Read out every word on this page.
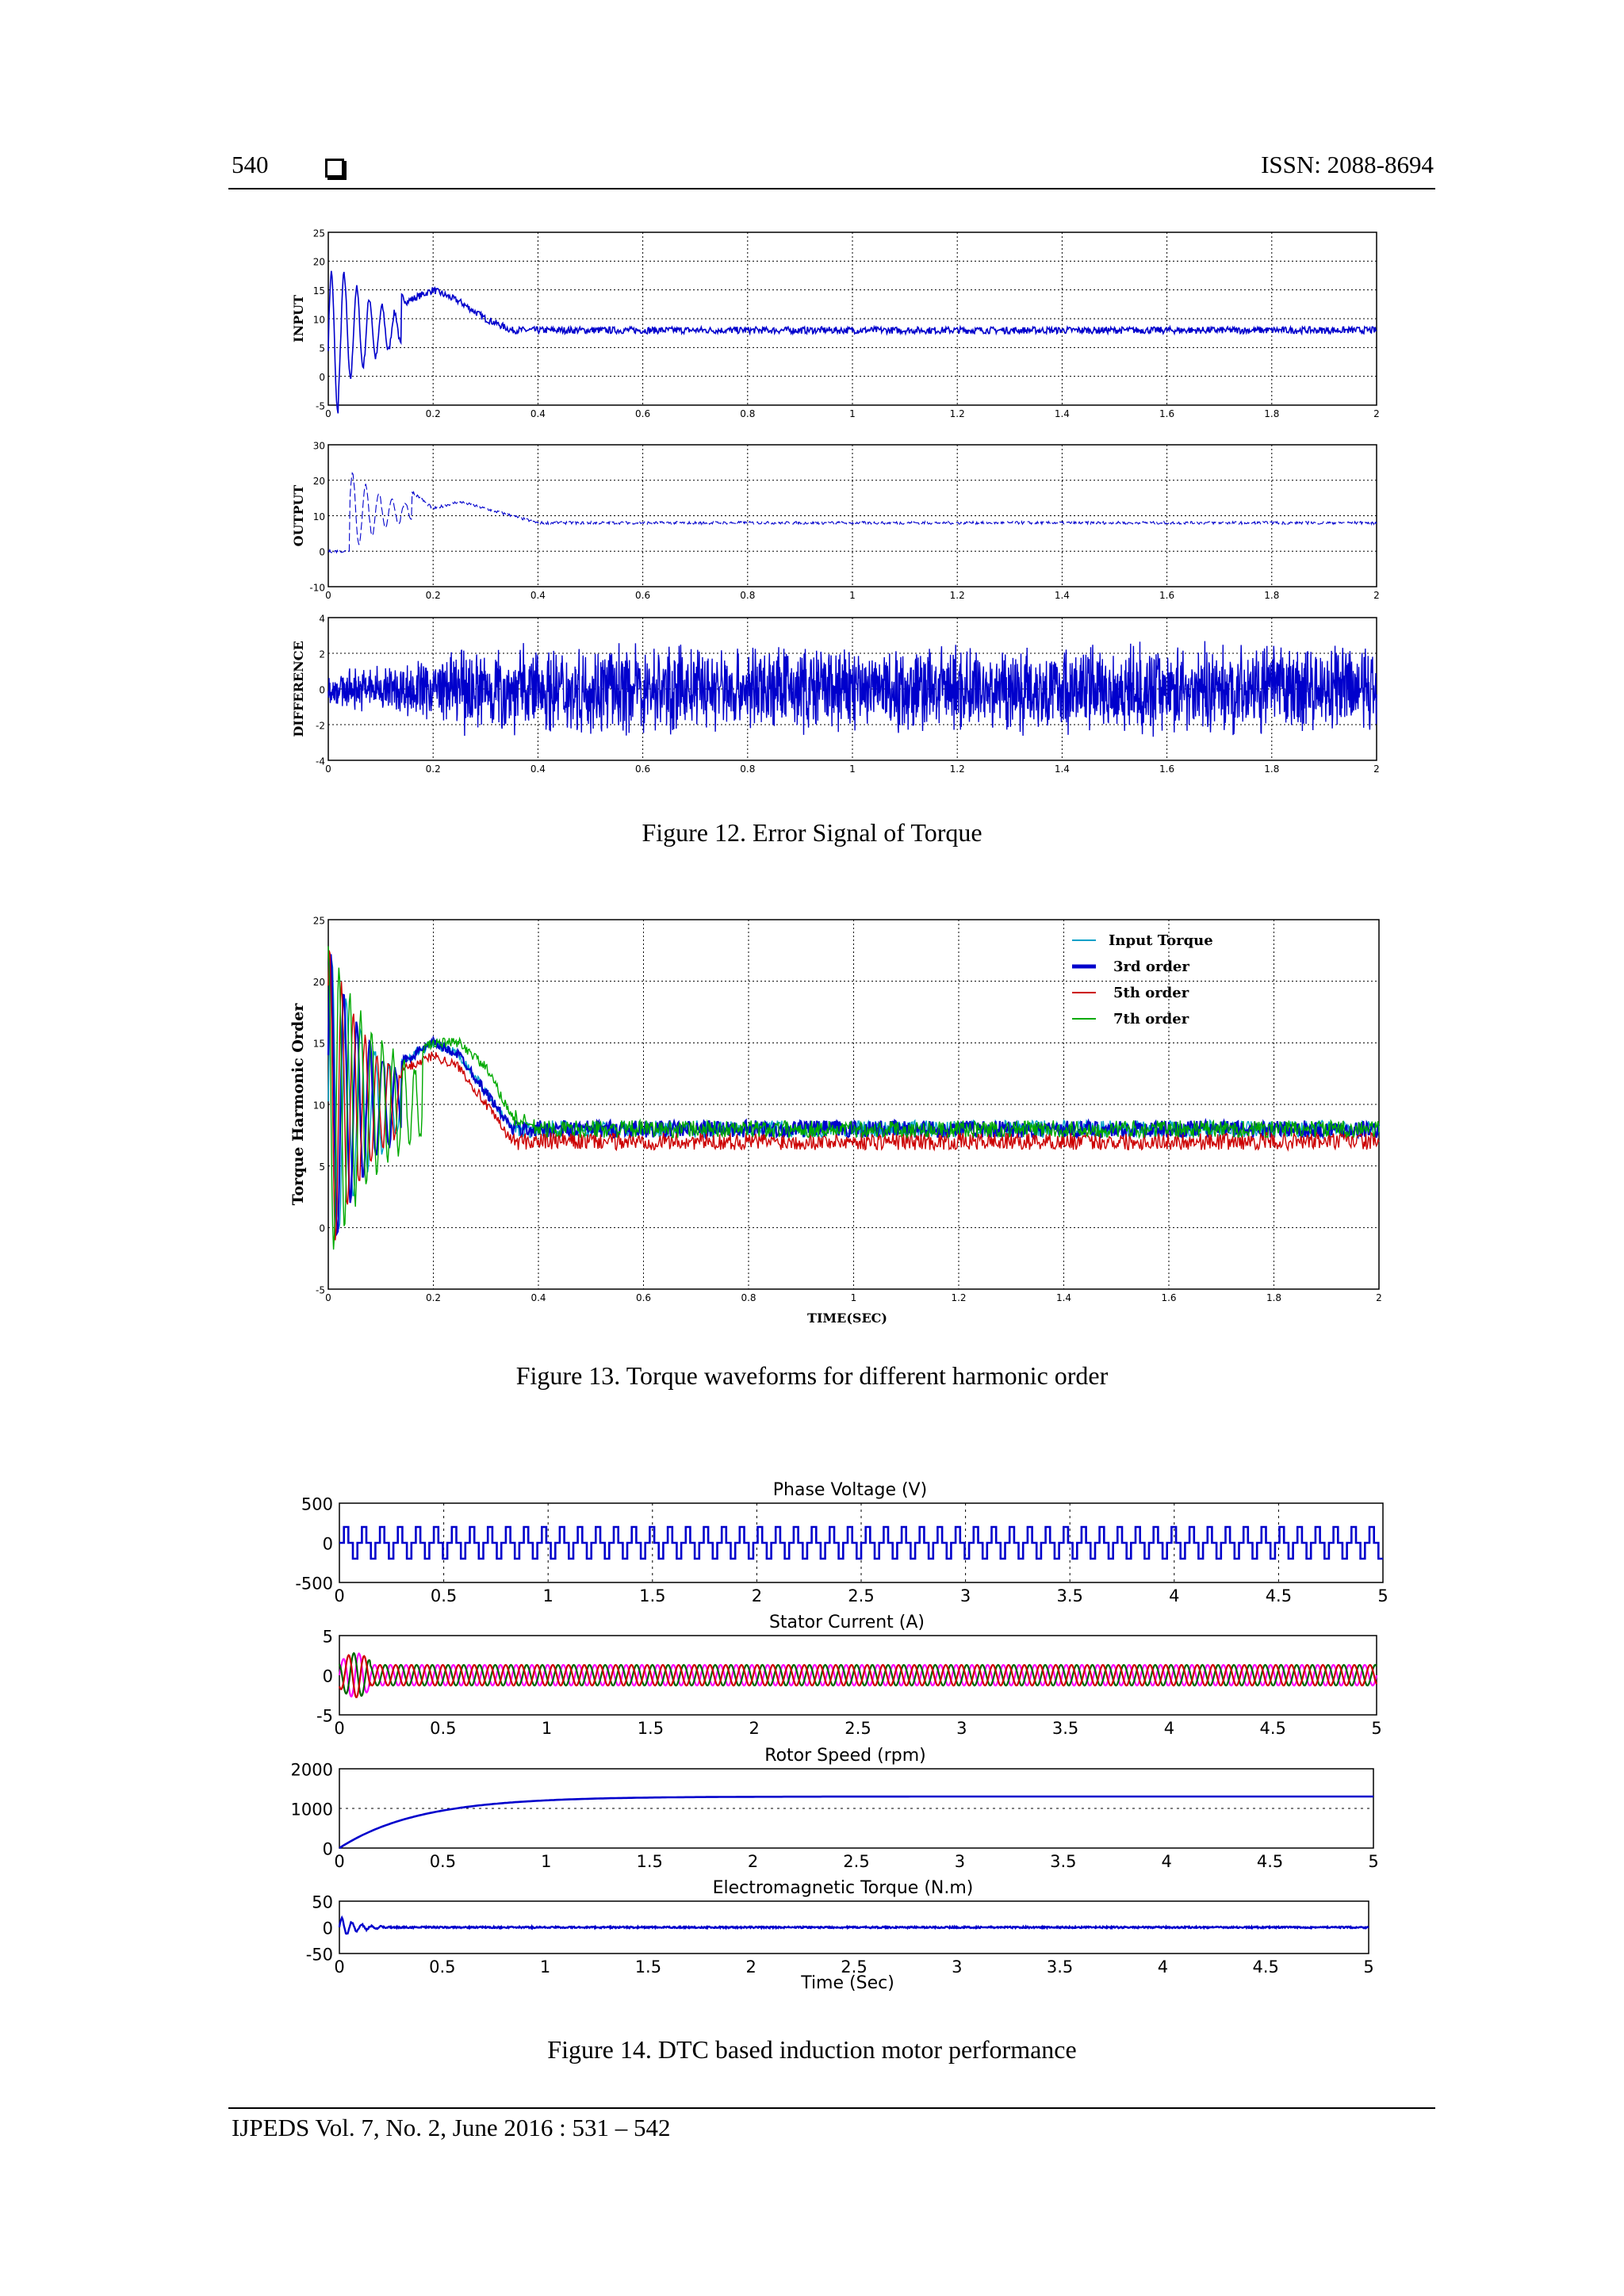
540	ISSN: 2088-8694
0	0.2	0.4	0.6	0.8	1	1.2	1.4	1.6	1.8	2
-5
0
5
10
15
20
25
INPUT
0	0.2	0.4	0.6	0.8	1	1.2	1.4	1.6	1.8	2
-10
0
10
20
30
OUTPUT
0	0.2	0.4	0.6	0.8	1	1.2	1.4	1.6	1.8	2
-4
-2
0
2
4
DIFFERENCE
0	0.2	0.4	0.6	0.8	1	1.2	1.4	1.6	1.8	2
-5
0
5
10
15
20
25
TIME(SEC)
Torque Harmonic Order
Input Torque
3rd order
5th order
7th order
0	0.5	1	1.5	2	2.5	3	3.5	4	4.5	5
-500
0
500
Phase Voltage (V)
0	0.5	1	1.5	2	2.5	3	3.5	4	4.5	5
-5
0
5
Stator Current (A)
0	0.5	1	1.5	2	2.5	3	3.5	4	4.5	5
0
1000
2000
Rotor Speed (rpm)
0	0.5	1	1.5	2	2.5	3	3.5	4	4.5	5
-50
0
50
Electromagnetic Torque (N.m)
Time (Sec)
Figure 12. Error Signal of Torque
Figure 13. Torque waveforms for different harmonic order
Figure 14. DTC based induction motor performance
IJPEDS Vol. 7, No. 2, June 2016 : 531 – 542
